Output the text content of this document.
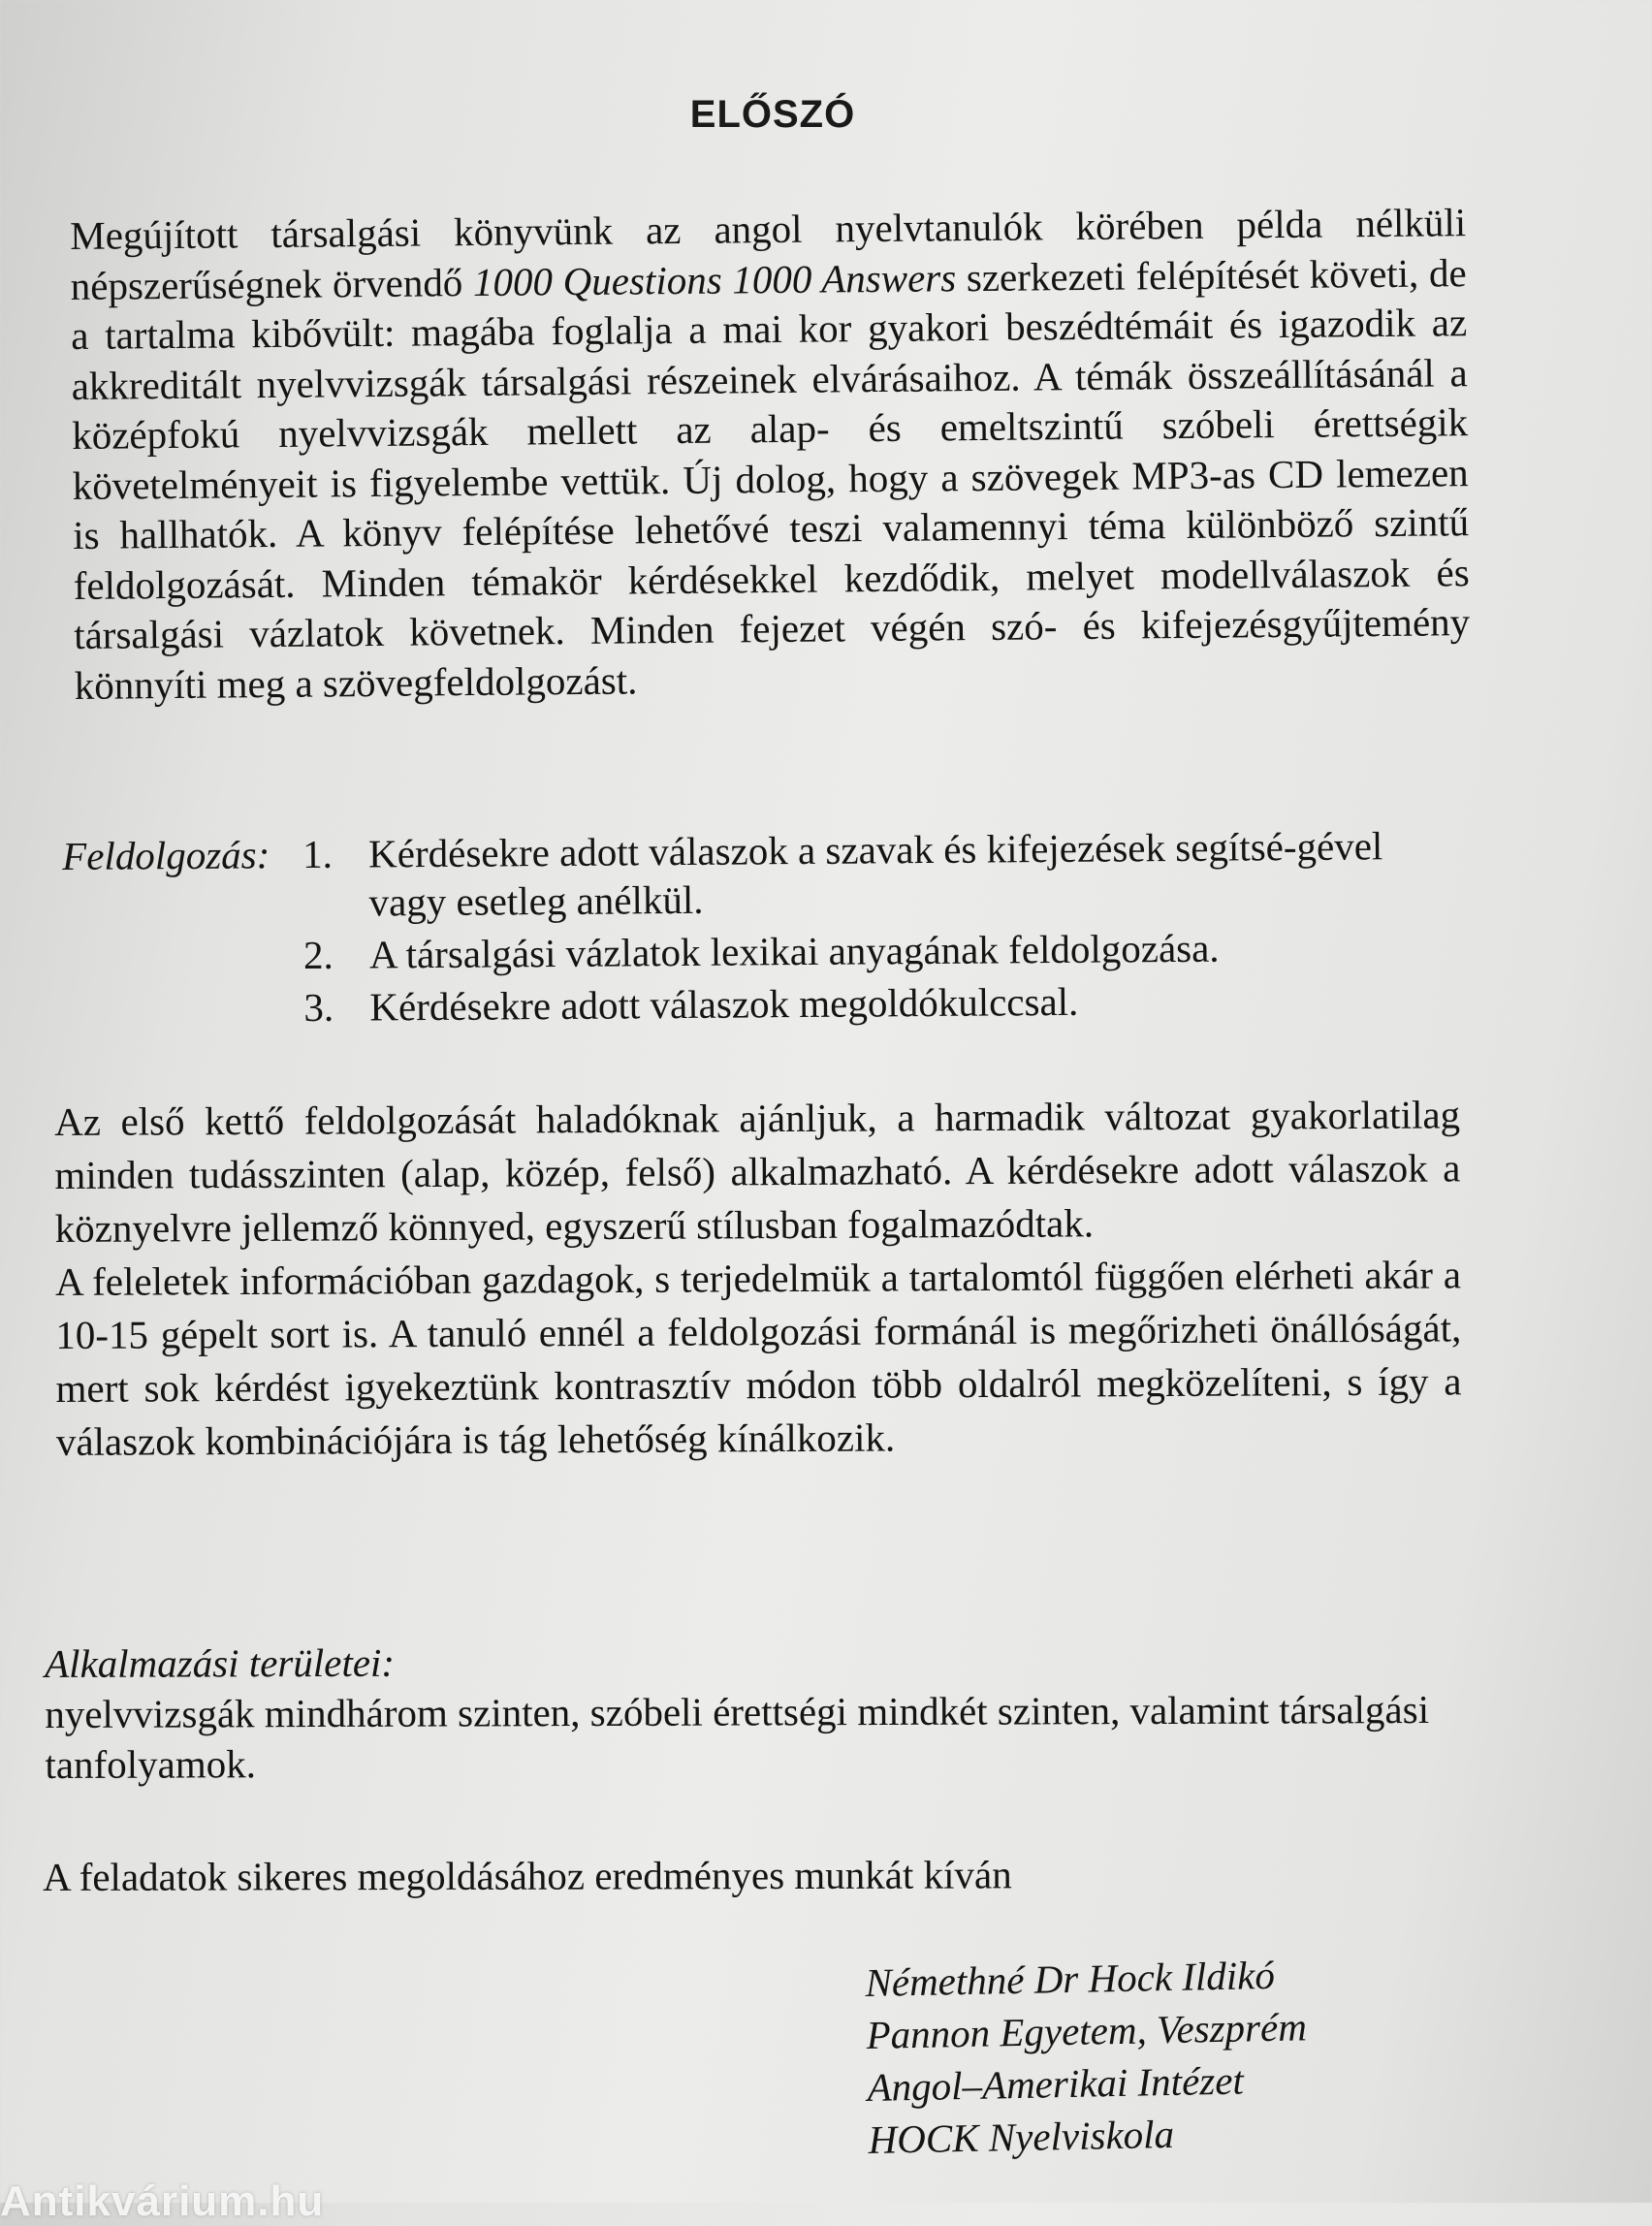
ELŐSZÓ
Megújított társalgási könyvünk az angol nyelvtanulók körében példa nélküli népszerűségnek örvendő 1000 Questions 1000 Answers szerkezeti felépítését követi, de a tartalma kibővült: magába foglalja a mai kor gyakori beszédtémáit és igazodik az akkreditált nyelvvizsgák társalgási részeinek elvárásaihoz. A témák összeállításánál a középfokú nyelvvizsgák mellett az alap- és emeltszintű szóbeli érettségik követelményeit is figyelembe vettük. Új dolog, hogy a szövegek MP3-as CD lemezen is hallhatók. A könyv felépítése lehetővé teszi valamennyi téma különböző szintű feldolgozását. Minden témakör kérdésekkel kezdődik, melyet modellválaszok és társalgási vázlatok követnek. Minden fejezet végén szó- és kifejezésgyűjtemény könnyíti meg a szövegfeldolgozást.
Feldolgozás: 1. Kérdésekre adott válaszok a szavak és kifejezések segítsé-gével vagy esetleg anélkül.
2. A társalgási vázlatok lexikai anyagának feldolgozása.
3. Kérdésekre adott válaszok megoldókulccsal.

Az első kettő feldolgozását haladóknak ajánljuk, a harmadik változat gyakorlatilag minden tudásszinten (alap, közép, felső) alkalmazható. A kérdésekre adott válaszok a köznyelvre jellemző könnyed, egyszerű stílusban fogalmazódtak.

A feleletek információban gazdagok, s terjedelmük a tartalomtól függően elérheti akár a 10-15 gépelt sort is. A tanuló ennél a feldolgozási formánál is megőrizheti önállóságát, mert sok kérdést igyekeztünk kontrasztív módon több oldalról megközelíteni, s így a válaszok kombinációjára is tág lehetőség kínálkozik.

Alkalmazási területei:

nyelvvizsgák mindhárom szinten, szóbeli érettségi mindkét szinten, valamint társalgási tanfolyamok.

A feladatok sikeres megoldásához eredményes munkát kíván
Némethné Dr Hock Ildikó
Pannon Egyetem, Veszprém
Angol–Amerikai Intézet
HOCK Nyelviskola
Antikvárium.hu
